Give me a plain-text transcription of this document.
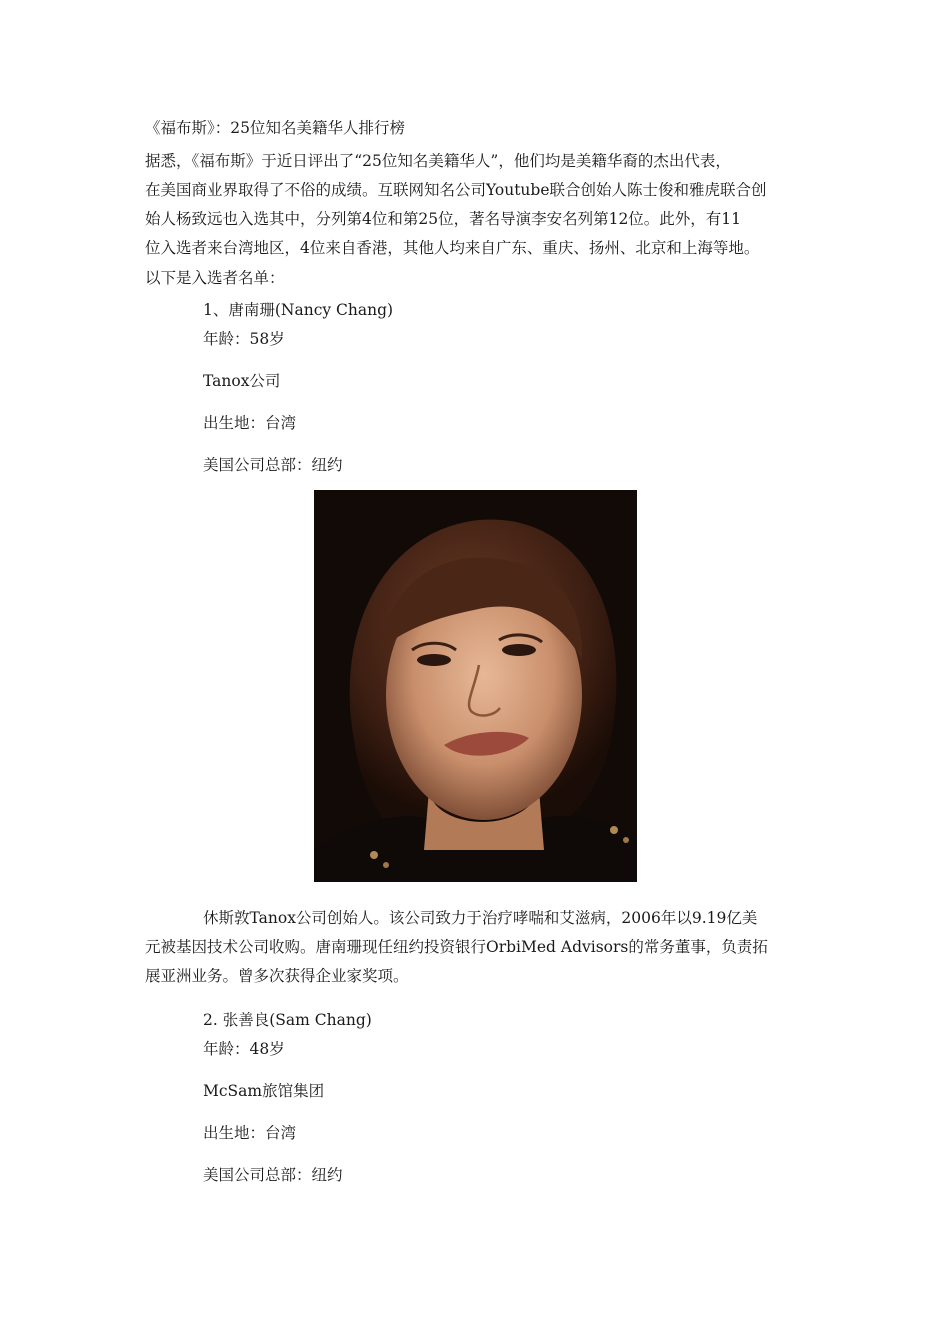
《福布斯》：25位知名美籍华人排行榜
据悉，《福布斯》于近日评出了“25位知名美籍华人”，他们均是美籍华裔的杰出代表，
在美国商业界取得了不俗的成绩。互联网知名公司Youtube联合创始人陈士俊和雅虎联合创
始人杨致远也入选其中，分列第4位和第25位，著名导演李安名列第12位。此外，有11
位入选者来台湾地区，4位来自香港，其他人均来自广东、重庆、扬州、北京和上海等地。
以下是入选者名单：
1、唐南珊(Nancy Chang)
年龄：58岁
Tanox公司
出生地：台湾
美国公司总部：纽约
休斯敦Tanox公司创始人。该公司致力于治疗哮喘和艾滋病，2006年以9.19亿美
元被基因技术公司收购。唐南珊现任纽约投资银行OrbiMed Advisors的常务董事，负责拓
展亚洲业务。曾多次获得企业家奖项。
2. 张善良(Sam Chang)
年龄：48岁
McSam旅馆集团
出生地：台湾
美国公司总部：纽约
